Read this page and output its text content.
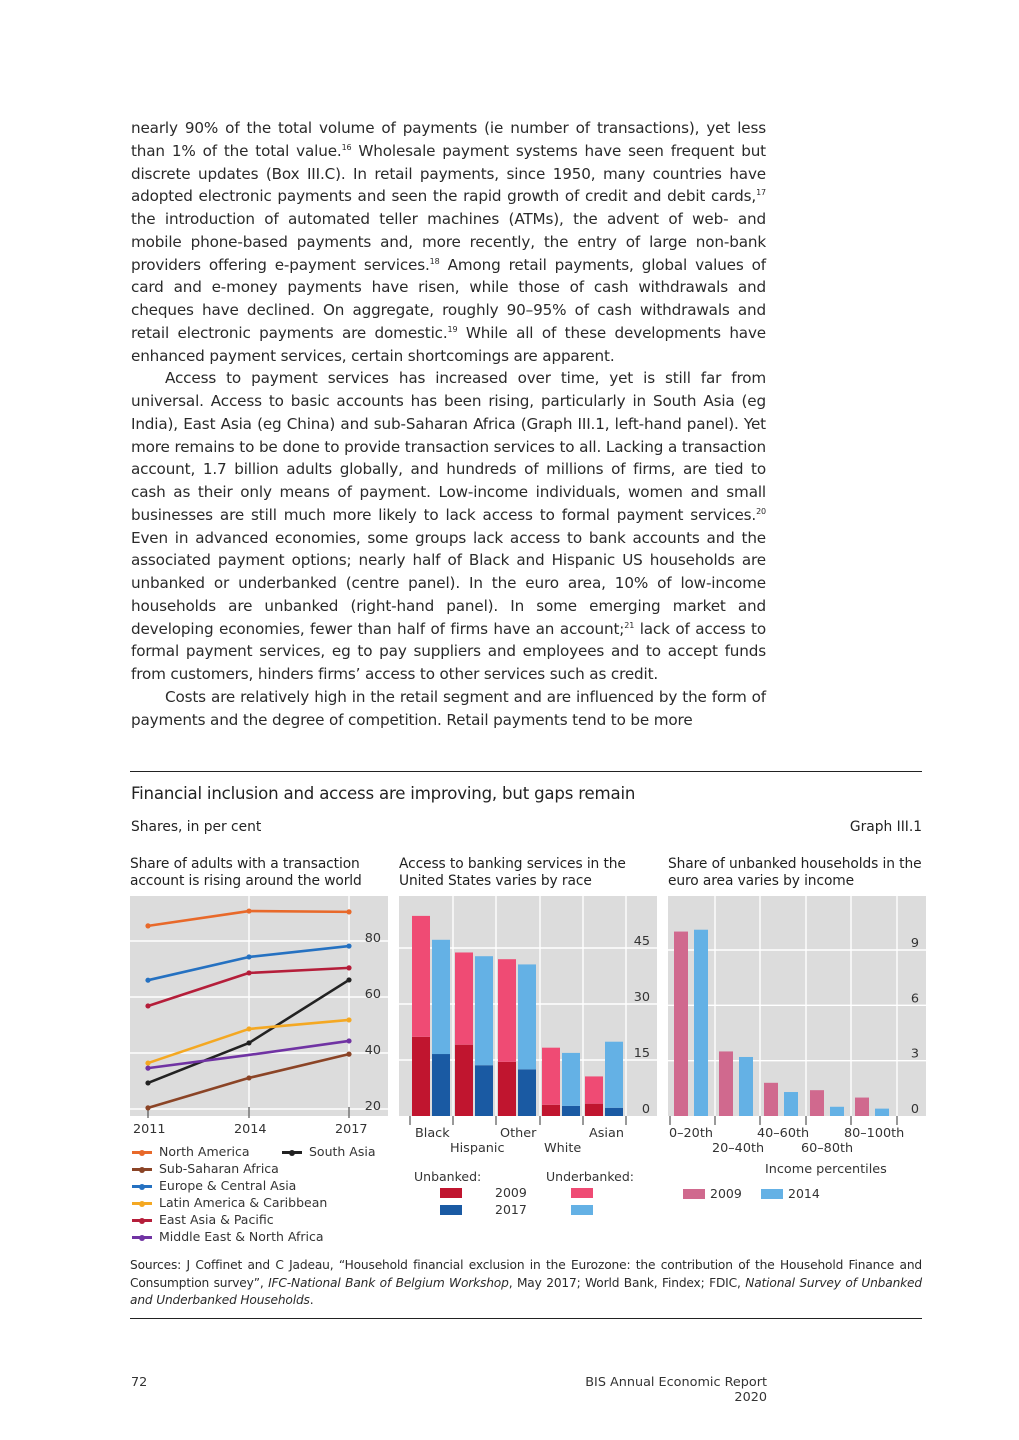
nearly 90% of the total volume of payments (ie number of transactions), yet less than 1% of the total value.$^{16}$ Wholesale payment systems have seen frequent but discrete updates (Box III.C). In retail payments, since 1950, many countries have adopted electronic payments and seen the rapid growth of credit and debit cards,$^{17}$ the introduction of automated teller machines (ATMs), the advent of web- and mobile phone-based payments and, more recently, the entry of large non-bank providers offering e-payment services.$^{18}$ Among retail payments, global values of card and e-money payments have risen, while those of cash withdrawals and cheques have declined. On aggregate, roughly 90–95% of cash withdrawals and retail electronic payments are domestic.$^{19}$ While all of these developments have enhanced payment services, certain shortcomings are apparent.

Access to payment services has increased over time, yet is still far from universal. Access to basic accounts has been rising, particularly in South Asia (eg India), East Asia (eg China) and sub-Saharan Africa (Graph III.1, left-hand panel). Yet more remains to be done to provide transaction services to all. Lacking a transaction account, 1.7 billion adults globally, and hundreds of millions of firms, are tied to cash as their only means of payment. Low-income individuals, women and small businesses are still much more likely to lack access to formal payment services.$^{20}$ Even in advanced economies, some groups lack access to bank accounts and the associated payment options; nearly half of Black and Hispanic US households are unbanked or underbanked (centre panel). In the euro area, 10% of low-income households are unbanked (right-hand panel). In some emerging market and developing economies, fewer than half of firms have an account;$^{21}$ lack of access to formal payment services, eg to pay suppliers and employees and to accept funds from customers, hinders firms’ access to other services such as credit.

Costs are relatively high in the retail segment and are influenced by the form of payments and the degree of competition. Retail payments tend to be more

Financial inclusion and access are improving, but gaps remain
Shares, in per cent	Graph III.1
Share of adults with a transaction
account is rising around the world
80
60
40
20
2011	2014	2017
North America	South Asia
Sub-Saharan Africa
Europe & Central Asia
Latin America & Caribbean
East Asia & Pacific
Middle East & North Africa
Access to banking services in the
United States varies by race
45
30
15
0
Black	Other	Asian
Hispanic	White
Unbanked:	Underbanked:
2009
2017
Share of unbanked households in the
euro area varies by income
9
6
3
0
0–20th	40–60th	80–100th
20–40th	60–80th
Income percentiles
2009	2014
Sources: J Coffinet and C Jadeau, “Household financial exclusion in the Eurozone: the contribution of the Household Finance and Consumption survey”, IFC-National Bank of Belgium Workshop, May 2017; World Bank, Findex; FDIC, National Survey of Unbanked and Underbanked Households.
72	BIS Annual Economic Report 2020
